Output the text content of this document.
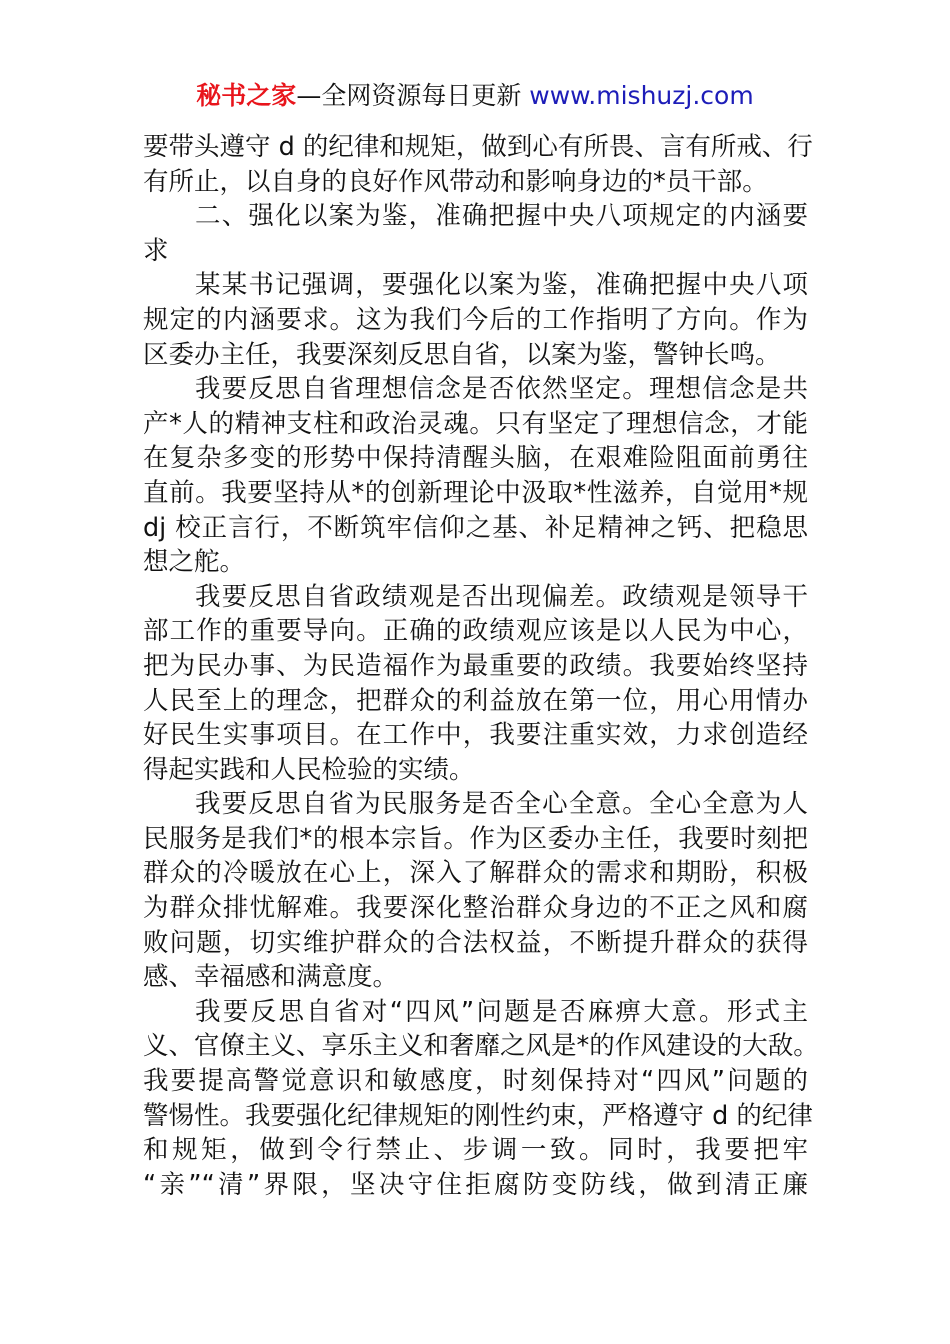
秘书之家—全网资源每日更新 www.mishuzj.com
要带头遵守 d 的纪律和规矩，做到心有所畏、言有所戒、行
有所止，以自身的良好作风带动和影响身边的*员干部。
二、强化以案为鉴，准确把握中央八项规定的内涵要
求
某某书记强调，要强化以案为鉴，准确把握中央八项
规定的内涵要求。这为我们今后的工作指明了方向。作为
区委办主任，我要深刻反思自省，以案为鉴，警钟长鸣。
我要反思自省理想信念是否依然坚定。理想信念是共
产*人的精神支柱和政治灵魂。只有坚定了理想信念，才能
在复杂多变的形势中保持清醒头脑，在艰难险阻面前勇往
直前。我要坚持从*的创新理论中汲取*性滋养，自觉用*规
dj 校正言行，不断筑牢信仰之基、补足精神之钙、把稳思
想之舵。
我要反思自省政绩观是否出现偏差。政绩观是领导干
部工作的重要导向。正确的政绩观应该是以人民为中心，
把为民办事、为民造福作为最重要的政绩。我要始终坚持
人民至上的理念，把群众的利益放在第一位，用心用情办
好民生实事项目。在工作中，我要注重实效，力求创造经
得起实践和人民检验的实绩。
我要反思自省为民服务是否全心全意。全心全意为人
民服务是我们*的根本宗旨。作为区委办主任，我要时刻把
群众的冷暖放在心上，深入了解群众的需求和期盼，积极
为群众排忧解难。我要深化整治群众身边的不正之风和腐
败问题，切实维护群众的合法权益，不断提升群众的获得
感、幸福感和满意度。
我要反思自省对“四风”问题是否麻痹大意。形式主
义、官僚主义、享乐主义和奢靡之风是*的作风建设的大敌。
我要提高警觉意识和敏感度，时刻保持对“四风”问题的
警惕性。我要强化纪律规矩的刚性约束，严格遵守 d 的纪律
和规矩，做到令行禁止、步调一致。同时，我要把牢
“亲”“清”界限，坚决守住拒腐防变防线，做到清正廉
